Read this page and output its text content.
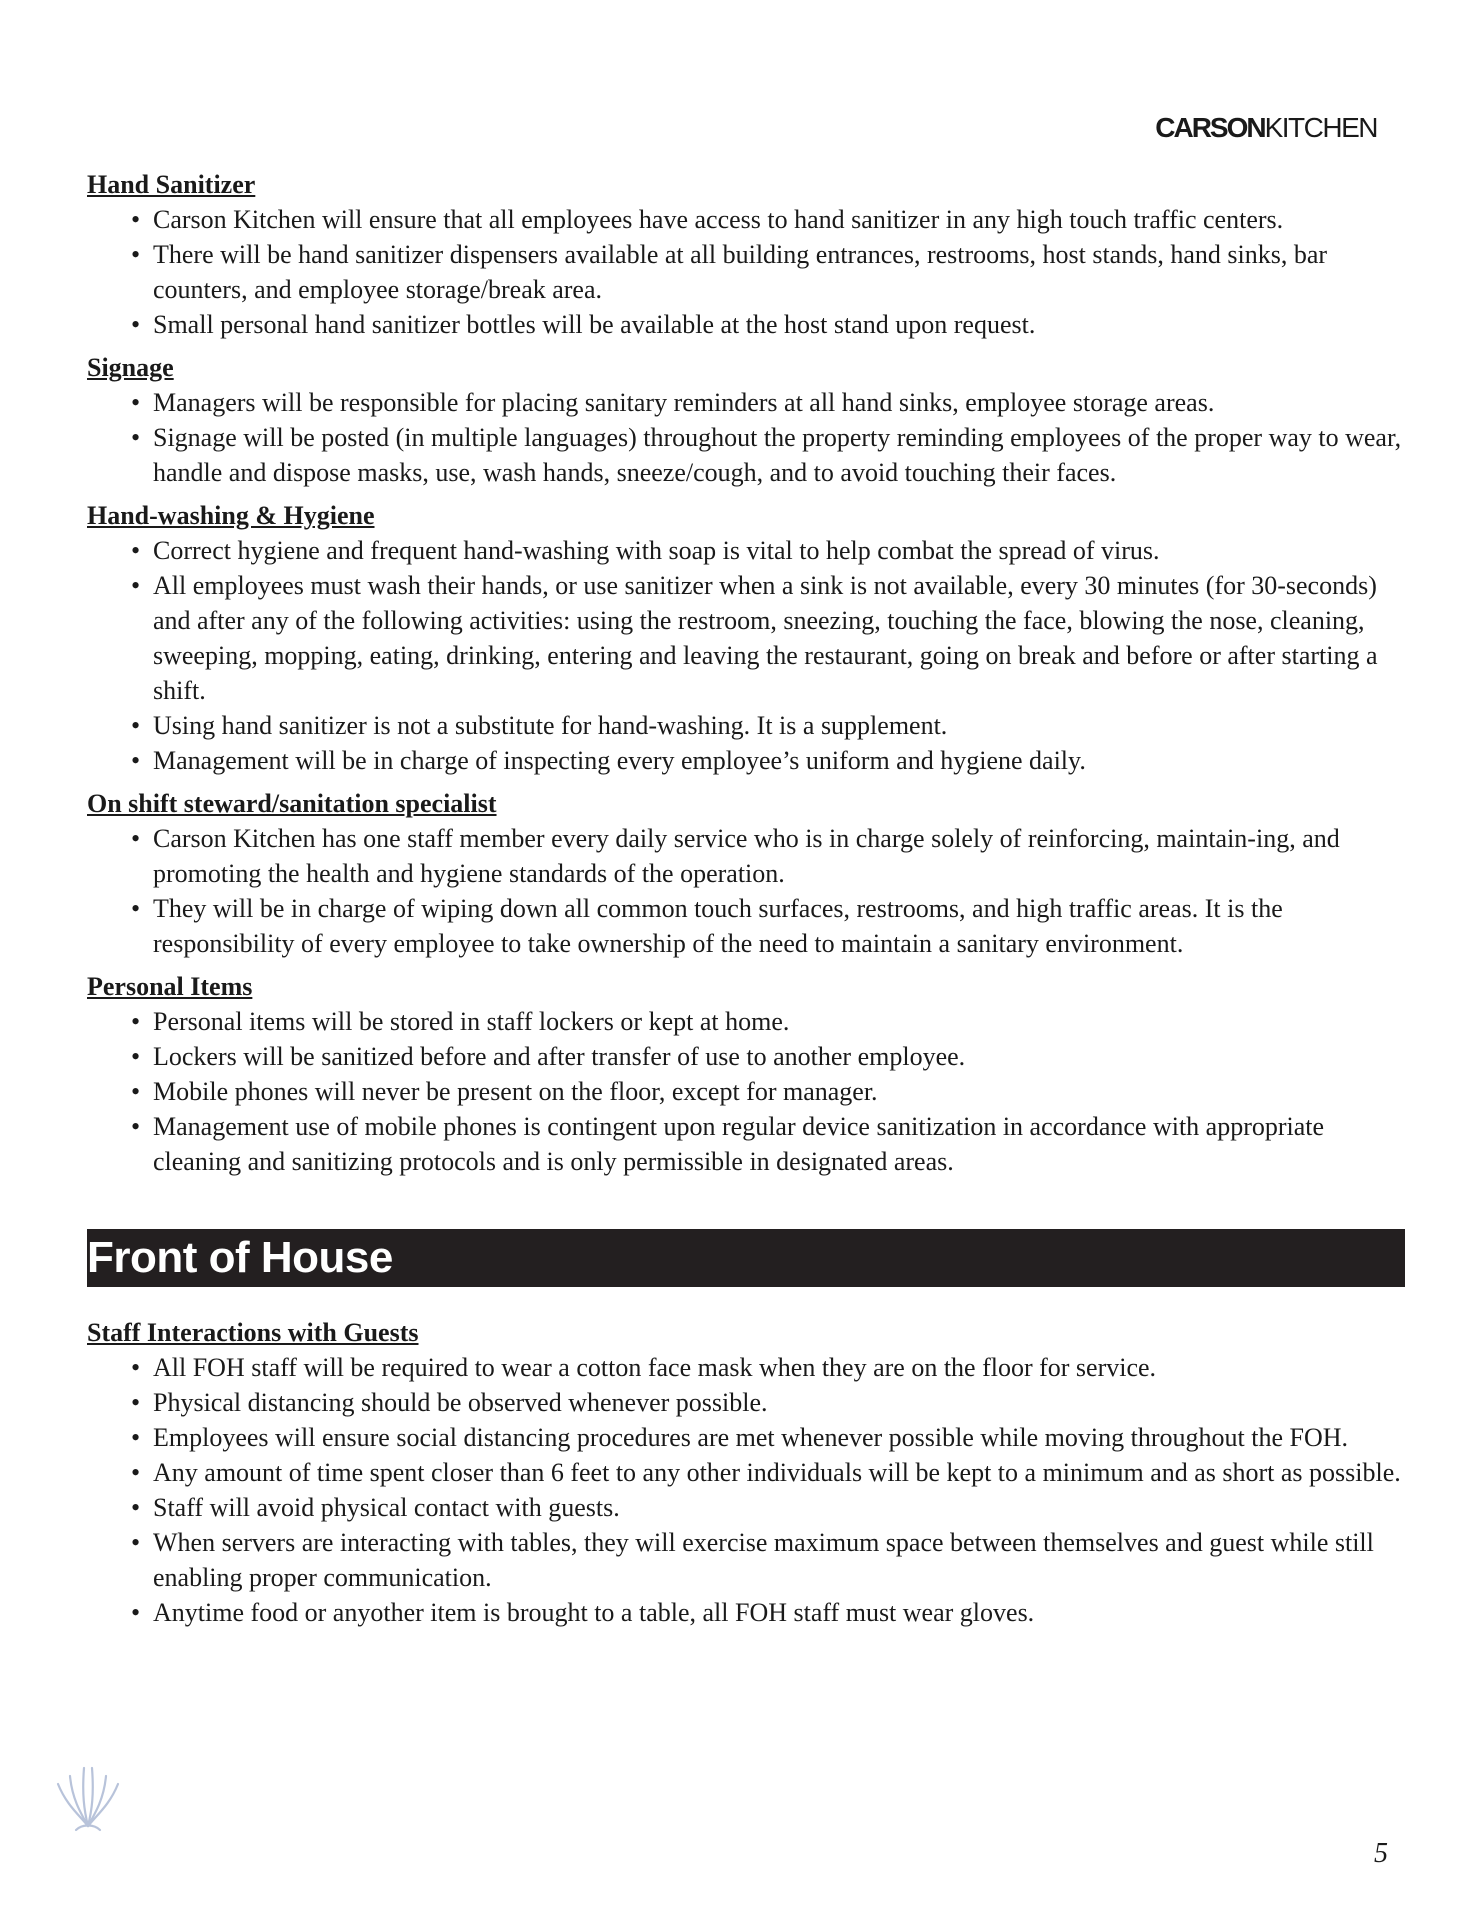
CARSONKITCHEN
Hand Sanitizer
• Carson Kitchen will ensure that all employees have access to hand sanitizer in any high touch traffic centers.
• There will be hand sanitizer dispensers available at all building entrances, restrooms, host stands, hand sinks, bar counters, and employee storage/break area.
• Small personal hand sanitizer bottles will be available at the host stand upon request.
Signage
• Managers will be responsible for placing sanitary reminders at all hand sinks, employee storage areas.
• Signage will be posted (in multiple languages) throughout the property reminding employees of the proper way to wear, handle and dispose masks, use, wash hands, sneeze/cough, and to avoid touching their faces.
Hand-washing & Hygiene
• Correct hygiene and frequent hand-washing with soap is vital to help combat the spread of virus.
• All employees must wash their hands, or use sanitizer when a sink is not available, every 30 minutes (for 30-seconds) and after any of the following activities: using the restroom, sneezing, touching the face, blowing the nose, cleaning, sweeping, mopping, eating, drinking, entering and leaving the restaurant, going on break and before or after starting a shift.
• Using hand sanitizer is not a substitute for hand-washing. It is a supplement.
• Management will be in charge of inspecting every employee’s uniform and hygiene daily.
On shift steward/sanitation specialist
• Carson Kitchen has one staff member every daily service who is in charge solely of reinforcing, maintain-ing, and promoting the health and hygiene standards of the operation.
• They will be in charge of wiping down all common touch surfaces, restrooms, and high traffic areas. It is the responsibility of every employee to take ownership of the need to maintain a sanitary environment.
Personal Items
• Personal items will be stored in staff lockers or kept at home.
• Lockers will be sanitized before and after transfer of use to another employee.
• Mobile phones will never be present on the floor, except for manager.
• Management use of mobile phones is contingent upon regular device sanitization in accordance with appropriate cleaning and sanitizing protocols and is only permissible in designated areas.
Front of House
Staff Interactions with Guests
• All FOH staff will be required to wear a cotton face mask when they are on the floor for service.
• Physical distancing should be observed whenever possible.
• Employees will ensure social distancing procedures are met whenever possible while moving throughout the FOH.
• Any amount of time spent closer than 6 feet to any other individuals will be kept to a minimum and as short as possible.
• Staff will avoid physical contact with guests.
• When servers are interacting with tables, they will exercise maximum space between themselves and guest while still enabling proper communication.
• Anytime food or anyother item is brought to a table, all FOH staff must wear gloves.
5
